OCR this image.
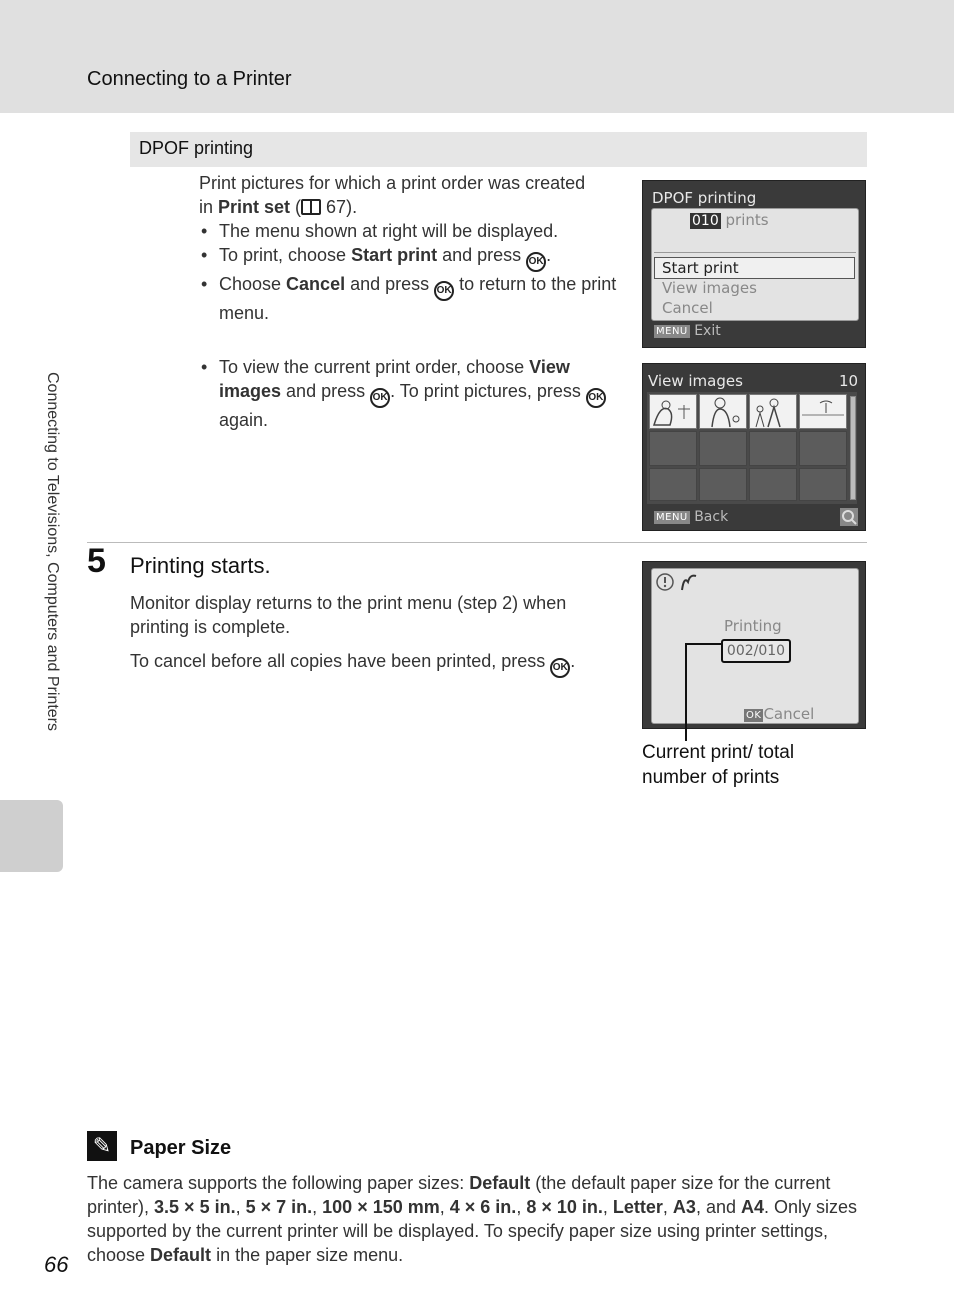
Connecting to a Printer
Connecting to Televisions, Computers and Printers
DPOF printing
Print pictures for which a print order was created
in Print set ( 67).
• The menu shown at right will be displayed.
• To print, choose Start print and press OK .
• Choose Cancel and press OK to return to the print menu.
• To view the current print order, choose View images and press OK . To print pictures, press OK again.
DPOF printing
010 prints
Start print
View images
Cancel
MENU Exit
View images	10
MENU Back
5 Printing starts.
Monitor display returns to the print menu (step 2) when printing is complete.
To cancel before all copies have been printed, press OK .
Printing
002/010
OK Cancel
Current print/ total
number of prints
✎ Paper Size
The camera supports the following paper sizes: Default (the default paper size for the current printer), 3.5 × 5 in., 5 × 7 in., 100 × 150 mm, 4 × 6 in., 8 × 10 in., Letter, A3, and A4. Only sizes supported by the current printer will be displayed. To specify paper size using printer settings, choose Default in the paper size menu.
66
